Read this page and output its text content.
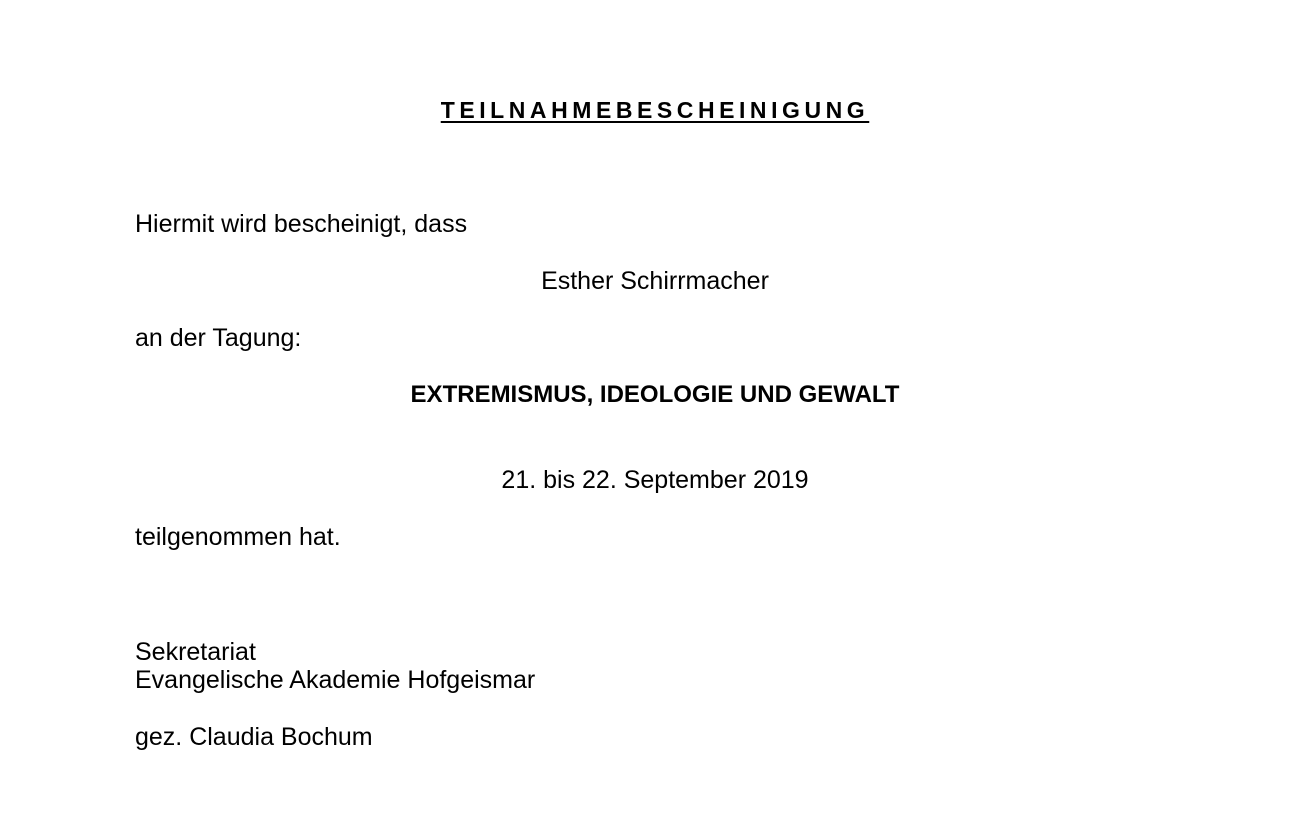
TEILNAHMEBESCHEINIGUNG
Hiermit wird bescheinigt, dass
Esther Schirrmacher
an der Tagung:
EXTREMISMUS, IDEOLOGIE UND GEWALT
21. bis 22. September 2019
teilgenommen hat.
Sekretariat
Evangelische Akademie Hofgeismar
gez. Claudia Bochum
